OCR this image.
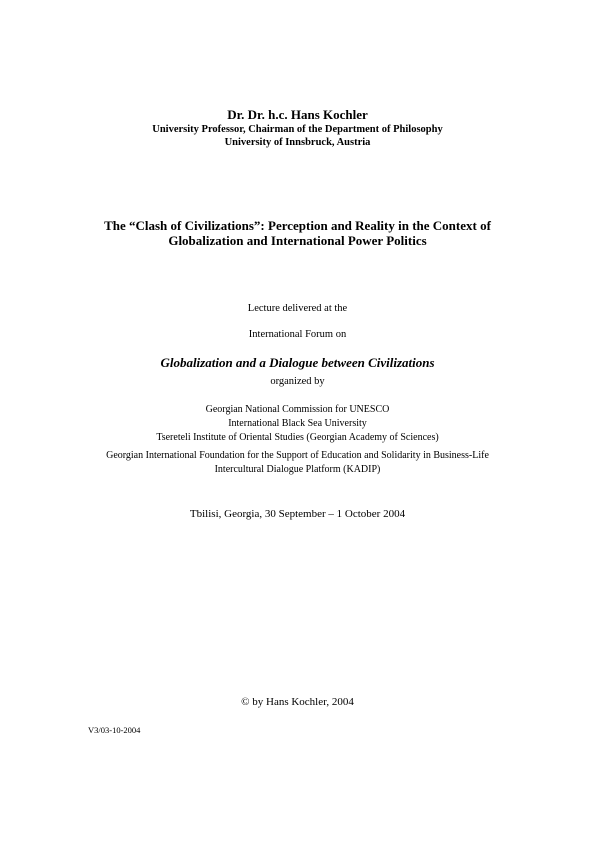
Dr. Dr. h.c. Hans Kochler
University Professor, Chairman of the Department of Philosophy
University of Innsbruck, Austria
The “Clash of Civilizations”: Perception and Reality in the Context of
Globalization and International Power Politics
Lecture delivered at the
International Forum on
Globalization and a Dialogue between Civilizations
organized by
Georgian National Commission for UNESCO
International Black Sea University
Tsereteli Institute of Oriental Studies (Georgian Academy of Sciences)
Georgian International Foundation for the Support of Education and Solidarity in Business-Life
Intercultural Dialogue Platform (KADIP)
Tbilisi, Georgia, 30 September – 1 October 2004
© by Hans Kochler, 2004
V3/03-10-2004
